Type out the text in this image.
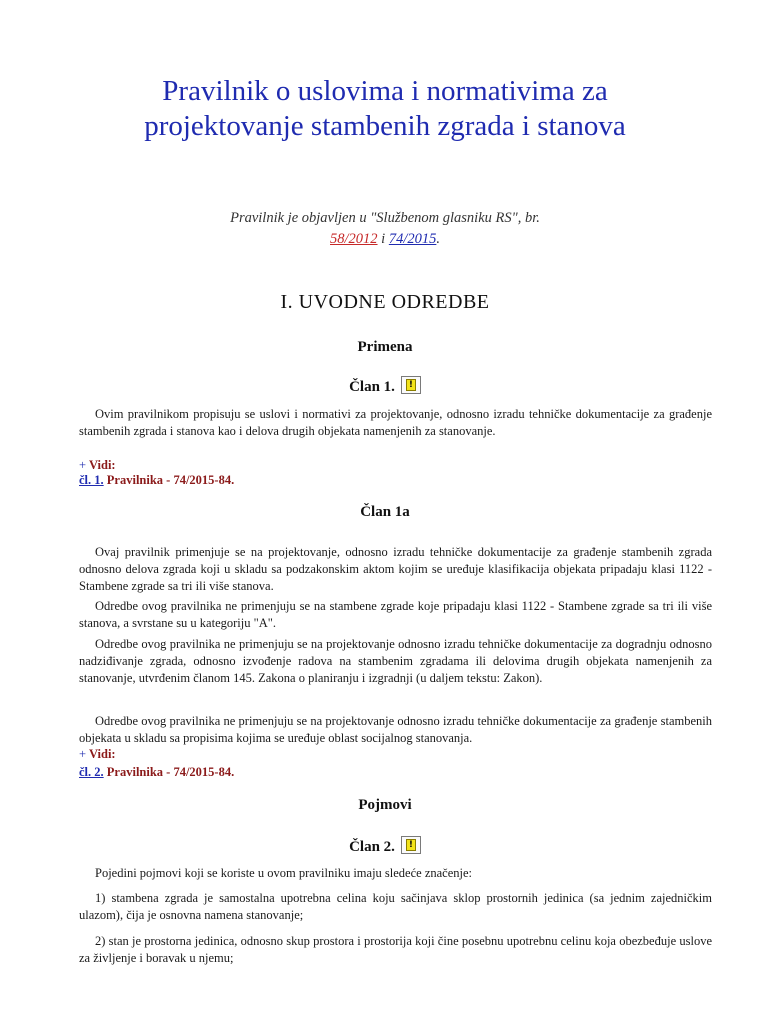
Pravilnik o uslovima i normativima za
projektovanje stambenih zgrada i stanova
Pravilnik je objavljen u "Službenom glasniku RS", br.
58/2012 i 74/2015.
I. UVODNE ODREDBE
Primena
Član 1.	!
Ovim pravilnikom propisuju se uslovi i normativi za projektovanje, odnosno izradu tehničke dokumentacije za građenje stambenih zgrada i stanova kao i delova drugih objekata namenjenih za stanovanje.
+ Vidi:
čl. 1. Pravilnika - 74/2015-84.
Član 1a
Ovaj pravilnik primenjuje se na projektovanje, odnosno izradu tehničke dokumentacije za građenje stambenih zgrada odnosno delova zgrada koji u skladu sa podzakonskim aktom kojim se uređuje klasifikacija objekata pripadaju klasi 1122 - Stambene zgrade sa tri ili više stanova.
Odredbe ovog pravilnika ne primenjuju se na stambene zgrade koje pripadaju klasi 1122 - Stambene zgrade sa tri ili više stanova, a svrstane su u kategoriju "A".
Odredbe ovog pravilnika ne primenjuju se na projektovanje odnosno izradu tehničke dokumentacije za dogradnju odnosno nadziđivanje zgrada, odnosno izvođenje radova na stambenim zgradama ili delovima drugih objekata namenjenih za stanovanje, utvrđenim članom 145. Zakona o planiranju i izgradnji (u daljem tekstu: Zakon).
Odredbe ovog pravilnika ne primenjuju se na projektovanje odnosno izradu tehničke dokumentacije za građenje stambenih objekata u skladu sa propisima kojima se uređuje oblast socijalnog stanovanja.
+ Vidi:
čl. 2. Pravilnika - 74/2015-84.
Pojmovi
Član 2.	!
Pojedini pojmovi koji se koriste u ovom pravilniku imaju sledeće značenje:
1) stambena zgrada je samostalna upotrebna celina koju sačinjava sklop prostornih jedinica (sa jednim zajedničkim ulazom), čija je osnovna namena stanovanje;
2) stan je prostorna jedinica, odnosno skup prostora i prostorija koji čine posebnu upotrebnu celinu koja obezbeđuje uslove za življenje i boravak u njemu;
